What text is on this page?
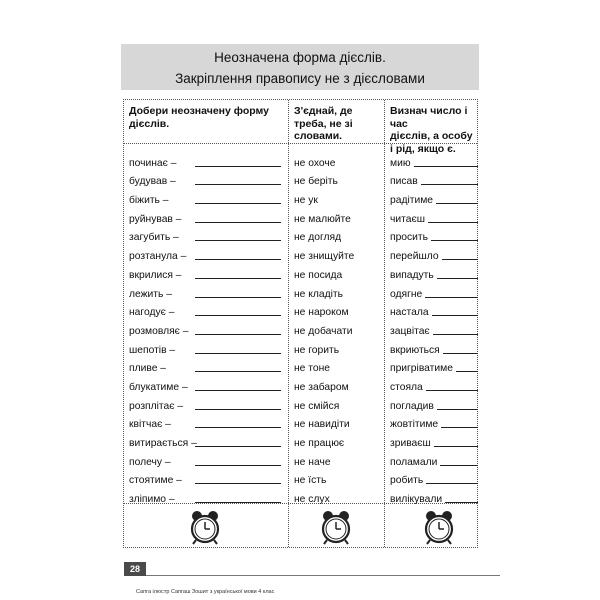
Неозначена форма дієслів.
Закріплення правопису не з дієсловами
Добери неозначену форму
дієслів.
починає –
будував –
біжить –
руйнував –
загубить –
розтанула –
вкрилися –
лежить –
нагодує –
розмовляє –
шепотів –
пливе –
блукатиме –
розплітає –
квітчає –
витирається –
полечу –
стоятиме –
зліпимо –
З'єднай, де
треба, не зі
словами.
не охоче
не беріть
не ук
не малюйте
не догляд
не знищуйте
не посида
не кладіть
не нароком
не добачати
не горить
не тоне
не забаром
не смійся
не навидіти
не працює
не наче
не їсть
не слух
Визнач число і час
дієслів, а особу
і рід, якщо є.
мию
писав
радітиме
читаєш
просить
перейшло
випадуть
одягне
настала
зацвітає
вкриються
пригріватиме
стояла
погладив
жовтітиме
зриваєш
поламали
робить
вилікували
28
Сапга ілюстр Сапгаш Зошит з української мови 4 клас
